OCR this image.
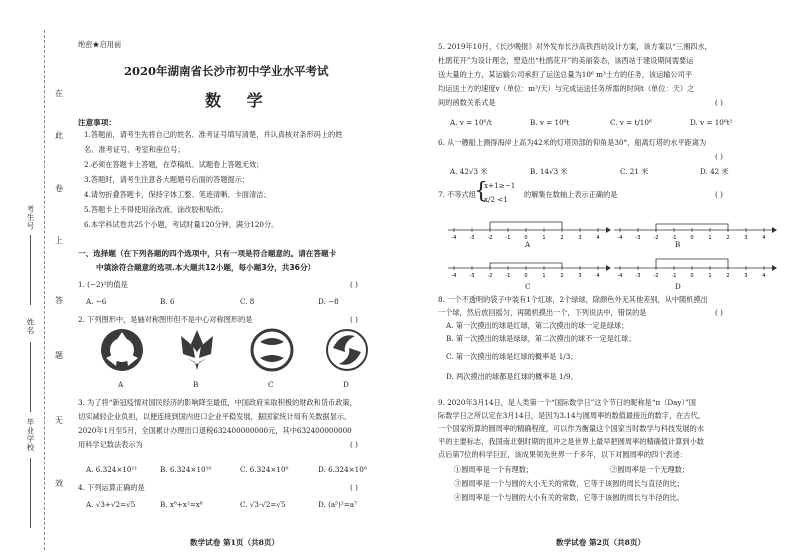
在
此
卷
上
答
题
无
效
考生号
姓名
毕业学校
绝密★启用前
2020年湖南省长沙市初中学业水平考试
数 学
注意事项：
1.答题前，请考生先将自己的姓名、准考证号填写清楚，并认真核对条形码上的姓
名、准考证号、考室和座位号；
2.必须在答题卡上答题，在草稿纸、试题卷上答题无效；
3.答题时，请考生注意各大题题号后面的答题提示；
4.请勿折叠答题卡，保持字体工整、笔迹清晰、卡面清洁；
5.答题卡上不得使用涂改液、涂改胶和贴纸；
6.本学科试卷共25个小题，考试时量120分钟，满分120分。
一、选择题（在下列各题的四个选项中，只有一项是符合题意的。请在答题卡
中填涂符合题意的选项.本大题共12小题，每小题3分，共36分）
1. (−2)³的值是	( )
A. −6	B. 6	C. 8	D. −8
2. 下列图形中，是轴对称图形但不是中心对称图形的是	( )
A	B	C	D
3. 为了将“新冠疫情对国民经济的影响降至最低，中国政府采取积极的财政和货币政策，
切实减轻企业负担，以便连接到国内进口企业平稳发展，据国家统计局有关数据显示，
2020年1月至5月，全国累计办理出口退税632400000000元，其中632400000000
用科学记数法表示为	( )
A. 6.324×10¹¹	B. 6.324×10¹⁰	C. 6.324×10⁹	D. 6.324×10⁸
4. 下列运算正确的是	( )
A. √3+√2=√5	B. x⁸+x²=x⁶	C. √3·√2=√5	D. (a⁵)²=a⁷
数学试卷 第1页（共8页）
5. 2019年10月，《长沙晚报》对外发布长沙高铁西站设计方案，该方案以“三湘四水，
杜鹃花开”为设计理念，塑造出“杜鹃花开”的美丽姿态，该西站于建设期间需要运
送大量的土方，某运输公司承担了运送总量为10⁶ m³土方的任务，该运输公司平
均运送土方的速度v（单位：m³/天）与完成运送任务所需的时间t（单位：天）之
间的函数关系式是	( )
A. v = 10⁶/t	B. v = 10⁶t	C. v = t/10⁶	D. v = 10⁶t²
6. 从一艘船上测得海岸上高为42米的灯塔顶部的仰角是30°，船离灯塔的水平距离为
( )
A. 42√3 米	B. 14√3 米	C. 21 米	D. 42 米
7. 不等式组
{
x+1≥−1
x/2 <1
的解集在数轴上表示正确的是	( )
-4	-3	-2	-1	0	1	2	3	4	-4	-3	-2	-1	0	1	2	3	4
A	B
-4	-3	-2	-1	0	1	2	3	4	-4	-3	-2	-1	0	1	2	3	4
C	D
8. 一个不透明的袋子中装有1个红球，2个绿球，除颜色外无其他差别，从中随机摸出
一个球，然后放回摇匀，再随机摸出一个，下列说法中，错误的是
A. 第一次摸出的球是红球，第二次摸出的球一定是绿球；
B. 第一次摸出的球是绿球，第二次摸出的球不一定是红球；
C. 第一次摸出的球是红球的概率是 1/3；
D. 两次摸出的球都是红球的概率是 1/9。
( )
9. 2020年3月14日，是人类第一个“国际数学日”这个节日的昵称是“π（Day）”国
际数学日之所以定在3月14日，是因为3.14与圆周率的数值最接近的数字，在古代，
一个国家所算的圆周率的精确程度，可以作为衡量这个国家当时数学与科技发展的水
平的主要标志，我国南北朝时期的祖冲之是世界上最早把圆周率的精确值计算到小数
点后第7位的科学巨匠，该成果领先世界一千多年，以下对圆周率的四个表述：
①圆周率是一个有理数；	②圆周率是一个无理数；
③圆周率是一个与圆的大小无关的常数，它等于该圆的周长与直径的比；
④圆周率是一个与圆的大小有关的常数，它等于该圆的周长与半径的比。
数学试卷 第2页（共8页）
